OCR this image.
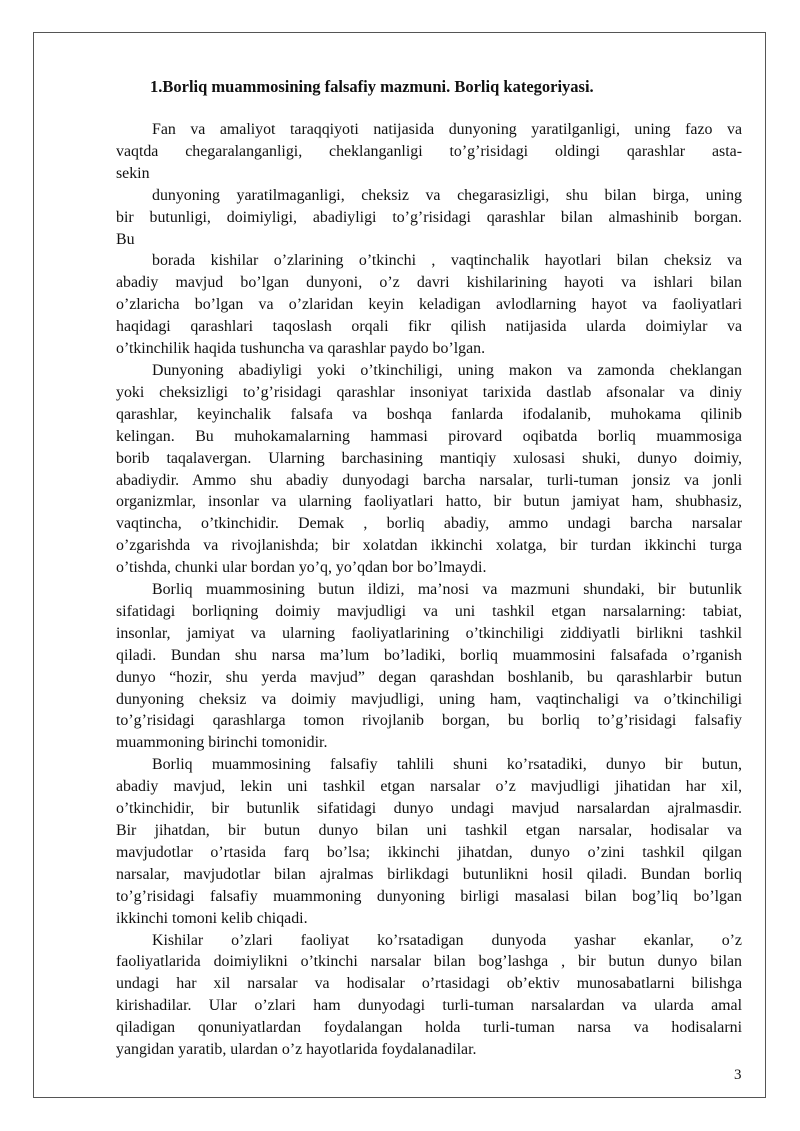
1.Borliq muammosining falsafiy mazmuni. Borliq kategoriyasi.
Fan va amaliyot taraqqiyoti natijasida dunyoning yaratilganligi, uning fazo va
vaqtda chegaralanganligi, cheklanganligi to’g’risidagi oldingi qarashlar asta-
sekin
dunyoning yaratilmaganligi, cheksiz va chegarasizligi, shu bilan birga, uning
bir butunligi, doimiyligi, abadiyligi to’g’risidagi qarashlar bilan almashinib borgan.
Bu
borada kishilar o’zlarining o’tkinchi , vaqtinchalik hayotlari bilan cheksiz va
abadiy mavjud bo’lgan dunyoni, o’z davri kishilarining hayoti va ishlari bilan
o’zlaricha bo’lgan va o’zlaridan keyin keladigan avlodlarning hayot va faoliyatlari
haqidagi qarashlari taqoslash orqali fikr qilish natijasida ularda doimiylar va
o’tkinchilik haqida tushuncha va qarashlar paydo bo’lgan.
Dunyoning abadiyligi yoki o’tkinchiligi, uning makon va zamonda cheklangan
yoki cheksizligi to’g’risidagi qarashlar insoniyat tarixida dastlab afsonalar va diniy
qarashlar, keyinchalik falsafa va boshqa fanlarda ifodalanib, muhokama qilinib
kelingan. Bu muhokamalarning hammasi pirovard oqibatda borliq muammosiga
borib taqalavergan. Ularning barchasining mantiqiy xulosasi shuki, dunyo doimiy,
abadiydir. Ammo shu abadiy dunyodagi barcha narsalar, turli-tuman jonsiz va jonli
organizmlar, insonlar va ularning faoliyatlari hatto, bir butun jamiyat ham, shubhasiz,
vaqtincha, o’tkinchidir. Demak , borliq abadiy, ammo undagi barcha narsalar
o’zgarishda va rivojlanishda; bir xolatdan ikkinchi xolatga, bir turdan ikkinchi turga
o’tishda, chunki ular bordan yo’q, yo’qdan bor bo’lmaydi.
Borliq muammosining butun ildizi, ma’nosi va mazmuni shundaki, bir butunlik
sifatidagi borliqning doimiy mavjudligi va uni tashkil etgan narsalarning: tabiat,
insonlar, jamiyat va ularning faoliyatlarining o’tkinchiligi ziddiyatli birlikni tashkil
qiladi. Bundan shu narsa ma’lum bo’ladiki, borliq muammosini falsafada o’rganish
dunyo “hozir, shu yerda mavjud” degan qarashdan boshlanib, bu qarashlarbir butun
dunyoning cheksiz va doimiy mavjudligi, uning ham, vaqtinchaligi va o’tkinchiligi
to’g’risidagi qarashlarga tomon rivojlanib borgan, bu borliq to’g’risidagi falsafiy
muammoning birinchi tomonidir.
Borliq muammosining falsafiy tahlili shuni ko’rsatadiki, dunyo bir butun,
abadiy mavjud, lekin uni tashkil etgan narsalar o’z mavjudligi jihatidan har xil,
o’tkinchidir, bir butunlik sifatidagi dunyo undagi mavjud narsalardan ajralmasdir.
Bir jihatdan, bir butun dunyo bilan uni tashkil etgan narsalar, hodisalar va
mavjudotlar o’rtasida farq bo’lsa; ikkinchi jihatdan, dunyo o’zini tashkil qilgan
narsalar, mavjudotlar bilan ajralmas birlikdagi butunlikni hosil qiladi. Bundan borliq
to’g’risidagi falsafiy muammoning dunyoning birligi masalasi bilan bog’liq bo’lgan
ikkinchi tomoni kelib chiqadi.
Kishilar o’zlari faoliyat ko’rsatadigan dunyoda yashar ekanlar, o’z
faoliyatlarida doimiylikni o’tkinchi narsalar bilan bog’lashga , bir butun dunyo bilan
undagi har xil narsalar va hodisalar o’rtasidagi ob’ektiv munosabatlarni bilishga
kirishadilar. Ular o’zlari ham dunyodagi turli-tuman narsalardan va ularda amal
qiladigan qonuniyatlardan foydalangan holda turli-tuman narsa va hodisalarni
yangidan yaratib, ulardan o’z hayotlarida foydalanadilar.
3
